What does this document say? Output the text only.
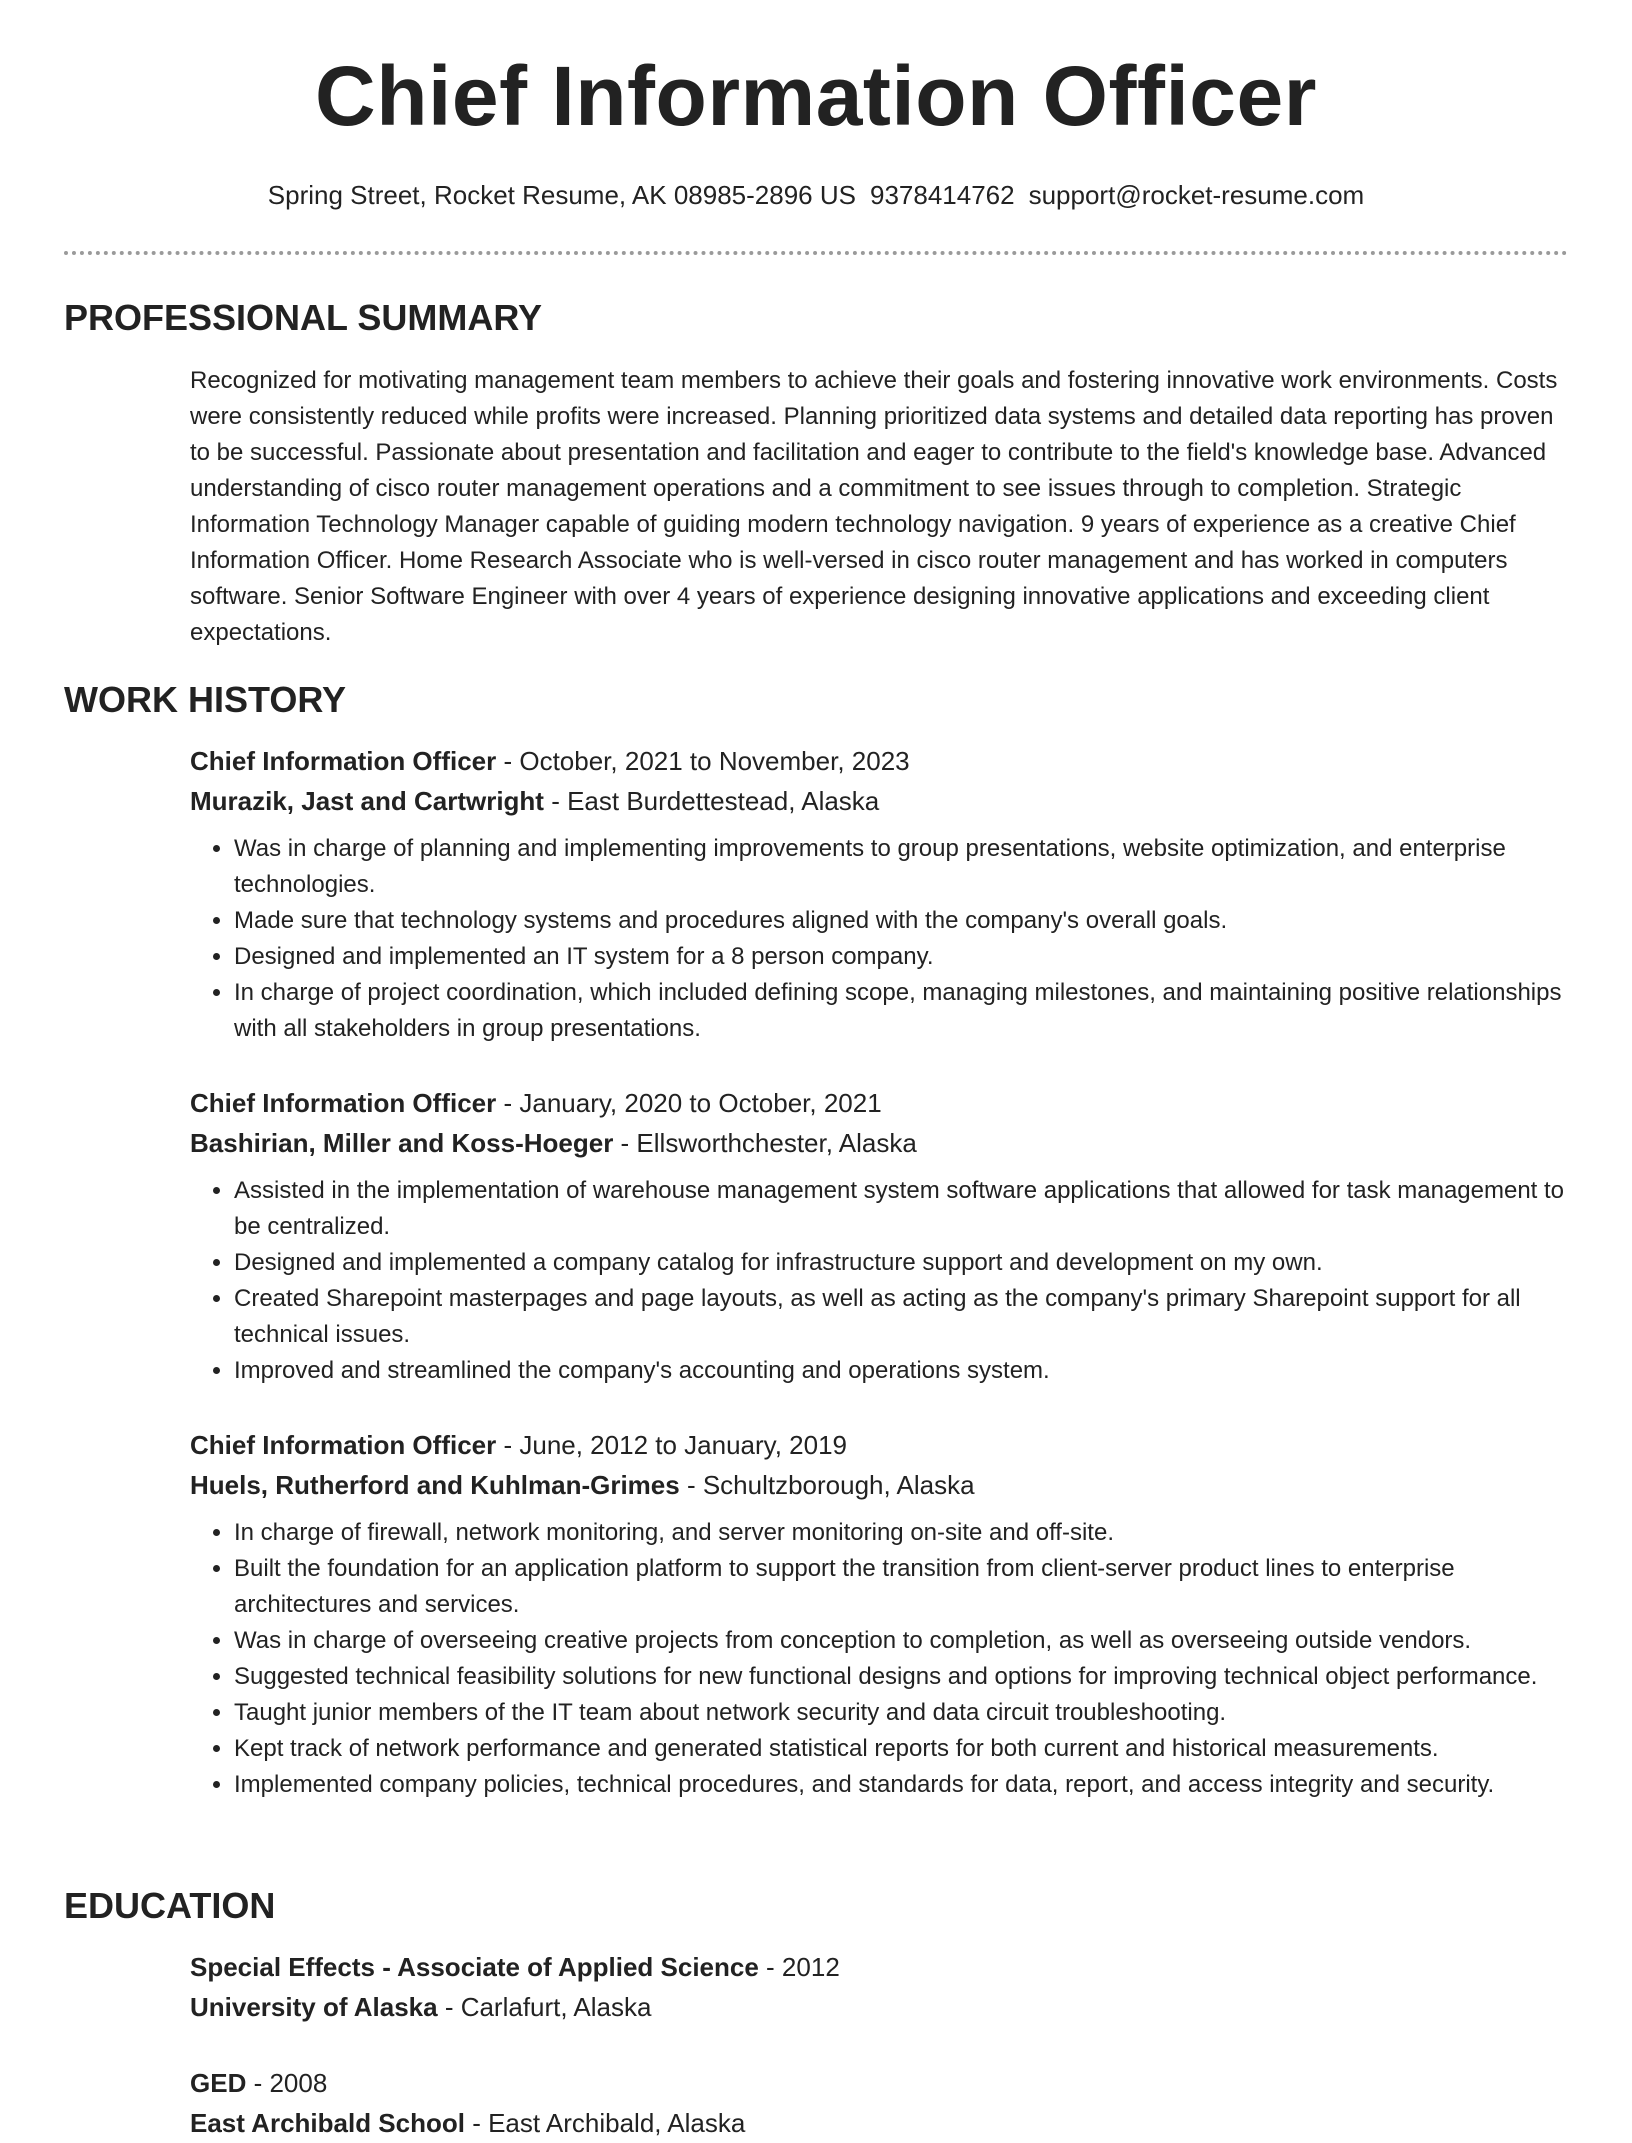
Chief Information Officer
Spring Street, Rocket Resume, AK 08985-2896 US 9378414762 support@rocket-resume.com
PROFESSIONAL SUMMARY
Recognized for motivating management team members to achieve their goals and fostering innovative work environments. Costs were consistently reduced while profits were increased. Planning prioritized data systems and detailed data reporting has proven to be successful. Passionate about presentation and facilitation and eager to contribute to the field's knowledge base. Advanced understanding of cisco router management operations and a commitment to see issues through to completion. Strategic Information Technology Manager capable of guiding modern technology navigation. 9 years of experience as a creative Chief Information Officer. Home Research Associate who is well-versed in cisco router management and has worked in computers software. Senior Software Engineer with over 4 years of experience designing innovative applications and exceeding client expectations.
WORK HISTORY
Chief Information Officer - October, 2021 to November, 2023
Murazik, Jast and Cartwright - East Burdettestead, Alaska
• Was in charge of planning and implementing improvements to group presentations, website optimization, and enterprise technologies.
• Made sure that technology systems and procedures aligned with the company's overall goals.
• Designed and implemented an IT system for a 8 person company.
• In charge of project coordination, which included defining scope, managing milestones, and maintaining positive relationships with all stakeholders in group presentations.
Chief Information Officer - January, 2020 to October, 2021
Bashirian, Miller and Koss-Hoeger - Ellsworthchester, Alaska
• Assisted in the implementation of warehouse management system software applications that allowed for task management to be centralized.
• Designed and implemented a company catalog for infrastructure support and development on my own.
• Created Sharepoint masterpages and page layouts, as well as acting as the company's primary Sharepoint support for all technical issues.
• Improved and streamlined the company's accounting and operations system.
Chief Information Officer - June, 2012 to January, 2019
Huels, Rutherford and Kuhlman-Grimes - Schultzborough, Alaska
• In charge of firewall, network monitoring, and server monitoring on-site and off-site.
• Built the foundation for an application platform to support the transition from client-server product lines to enterprise architectures and services.
• Was in charge of overseeing creative projects from conception to completion, as well as overseeing outside vendors.
• Suggested technical feasibility solutions for new functional designs and options for improving technical object performance.
• Taught junior members of the IT team about network security and data circuit troubleshooting.
• Kept track of network performance and generated statistical reports for both current and historical measurements.
• Implemented company policies, technical procedures, and standards for data, report, and access integrity and security.
EDUCATION
Special Effects - Associate of Applied Science - 2012
University of Alaska - Carlafurt, Alaska
GED - 2008
East Archibald School - East Archibald, Alaska
